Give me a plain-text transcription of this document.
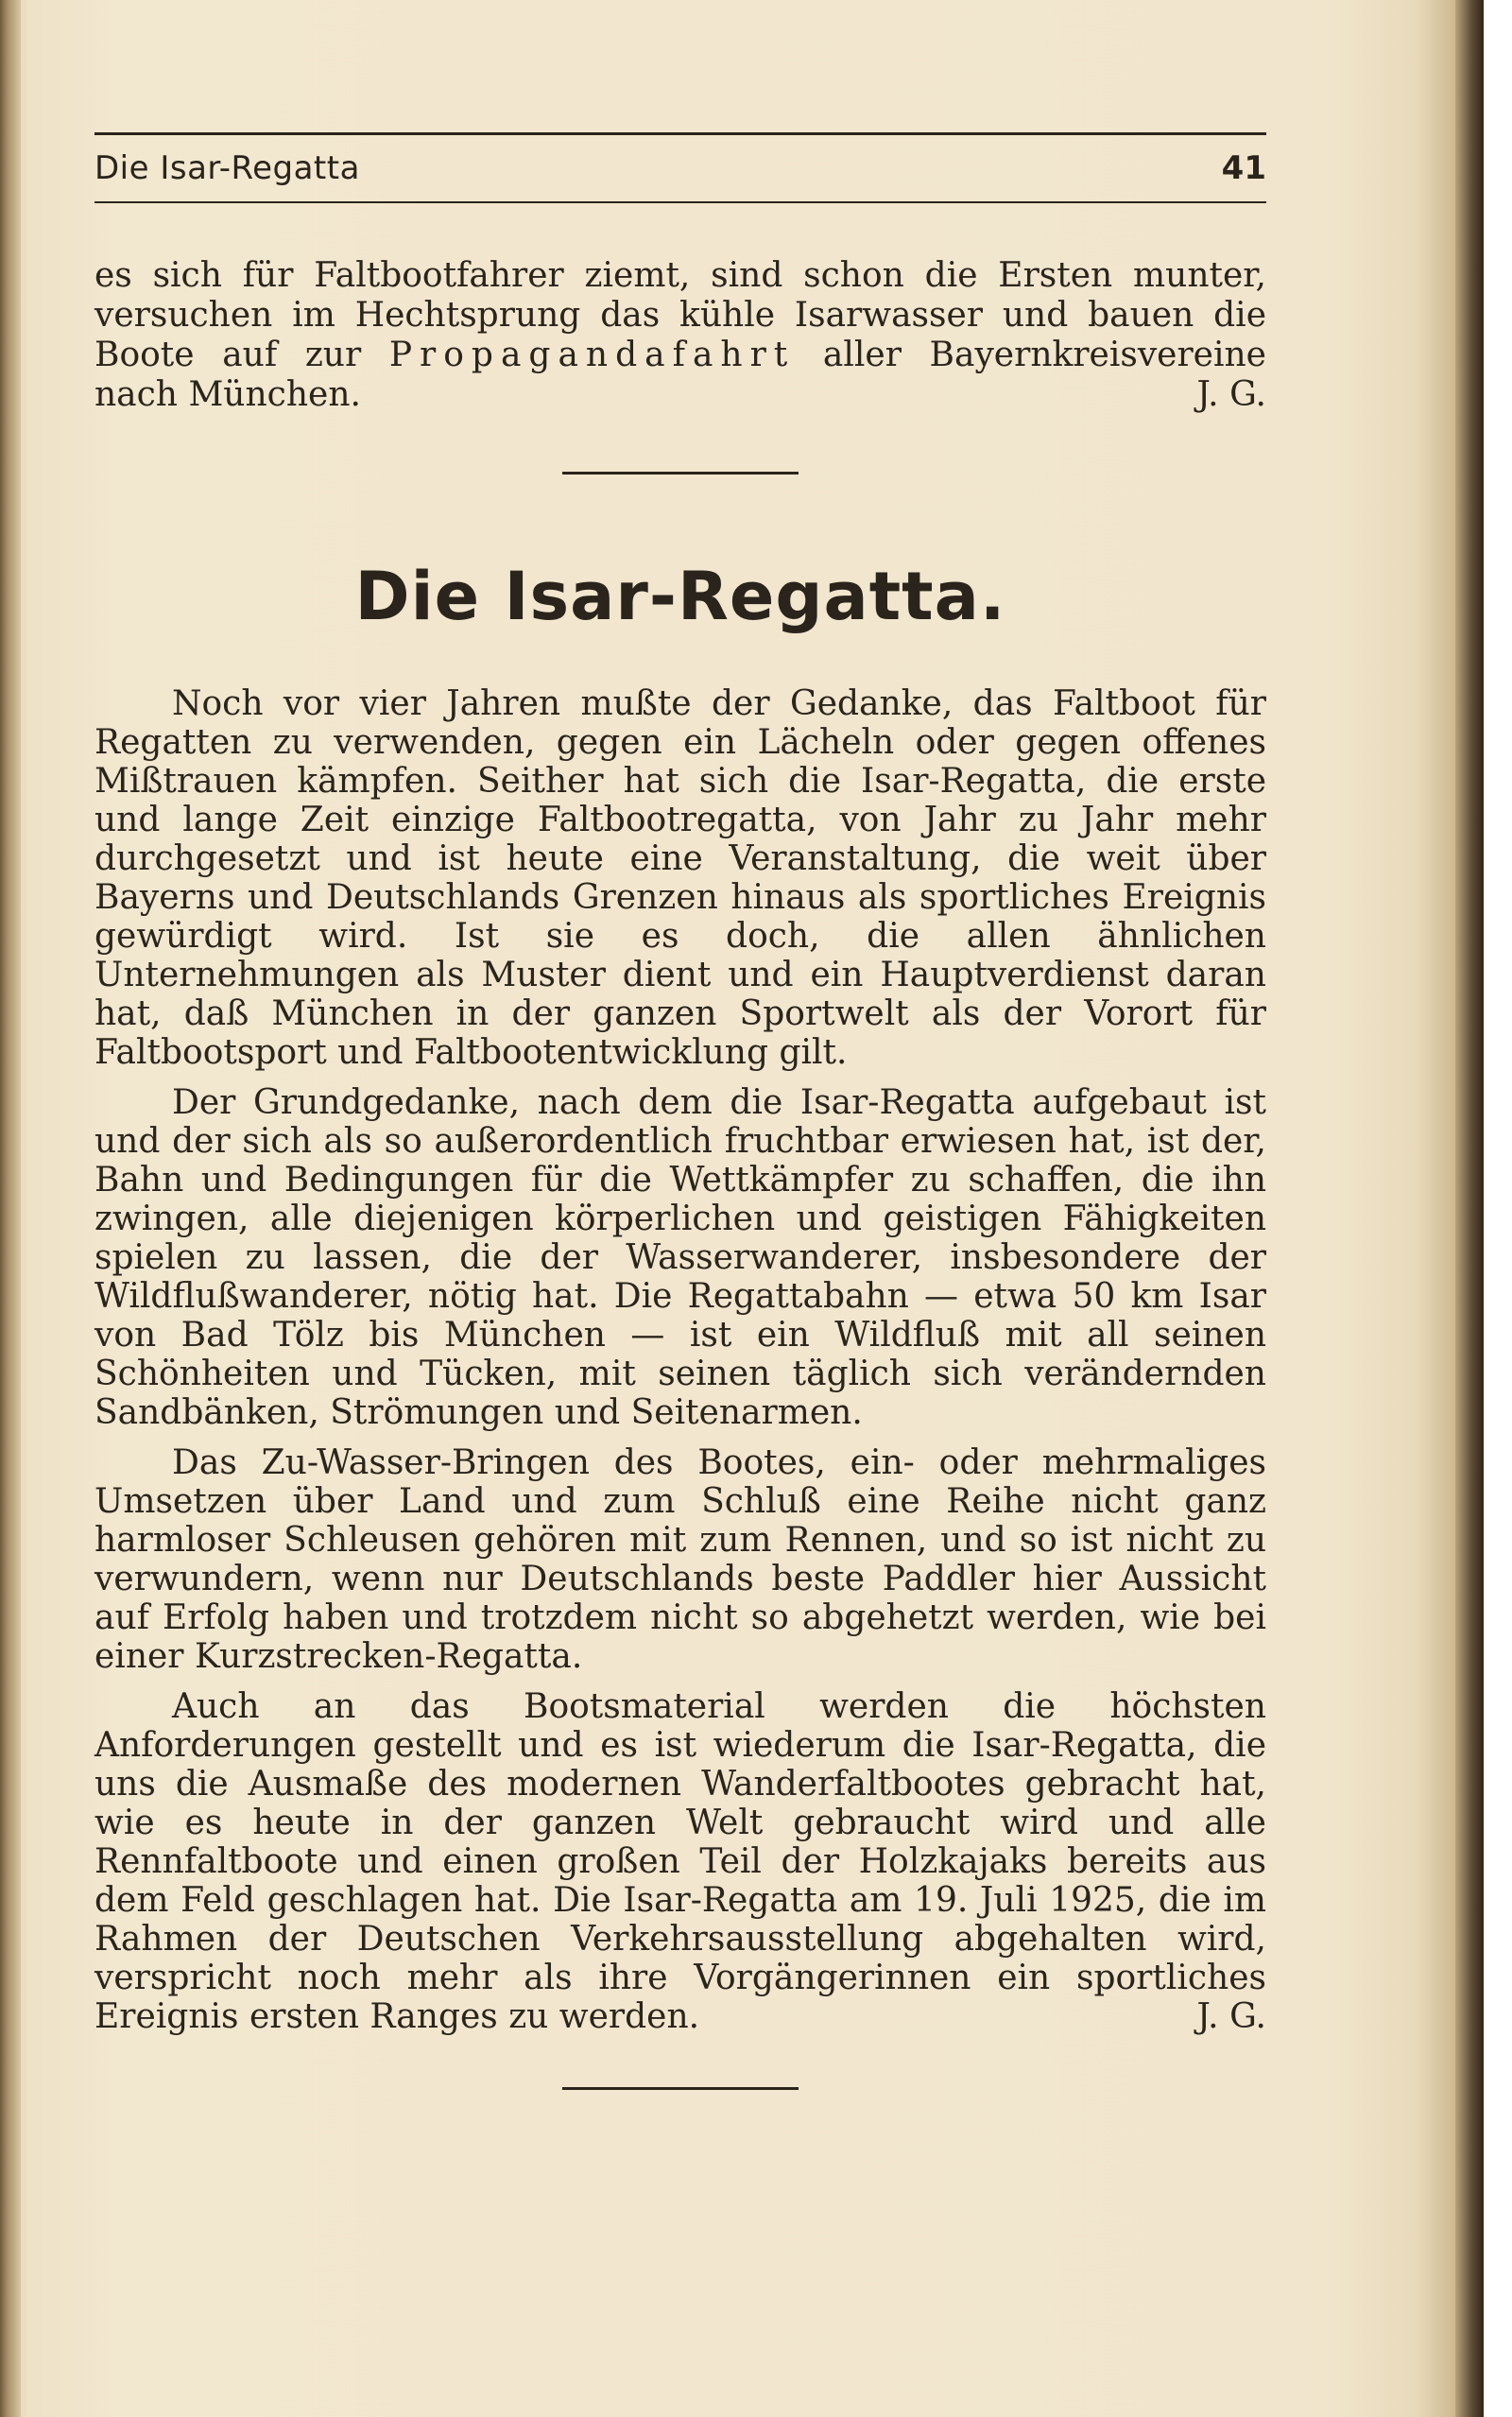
Die Isar-Regatta	41
es sich für Faltbootfahrer ziemt, sind schon die Ersten munter, versuchen im Hechtsprung das kühle Isarwasser und bauen die Boote auf zur Propagandafahrt aller Bayernkreisvereine nach München.	J. G.
Die Isar-Regatta.

Noch vor vier Jahren mußte der Gedanke, das Faltboot für Regatten zu verwenden, gegen ein Lächeln oder gegen offenes Mißtrauen kämpfen. Seither hat sich die Isar-Regatta, die erste und lange Zeit einzige Faltbootregatta, von Jahr zu Jahr mehr durchgesetzt und ist heute eine Veranstaltung, die weit über Bayerns und Deutschlands Grenzen hinaus als sportliches Ereignis gewürdigt wird. Ist sie es doch, die allen ähnlichen Unternehmungen als Muster dient und ein Hauptverdienst daran hat, daß München in der ganzen Sportwelt als der Vorort für Faltbootsport und Faltbootentwicklung gilt.

Der Grundgedanke, nach dem die Isar-Regatta aufgebaut ist und der sich als so außerordentlich fruchtbar erwiesen hat, ist der, Bahn und Bedingungen für die Wettkämpfer zu schaffen, die ihn zwingen, alle diejenigen körperlichen und geistigen Fähigkeiten spielen zu lassen, die der Wasserwanderer, insbesondere der Wildflußwanderer, nötig hat. Die Regattabahn — etwa 50 km Isar von Bad Tölz bis München — ist ein Wildfluß mit all seinen Schönheiten und Tücken, mit seinen täglich sich verändernden Sandbänken, Strömungen und Seitenarmen.

Das Zu-Wasser-Bringen des Bootes, ein- oder mehrmaliges Umsetzen über Land und zum Schluß eine Reihe nicht ganz harmloser Schleusen gehören mit zum Rennen, und so ist nicht zu verwundern, wenn nur Deutschlands beste Paddler hier Aussicht auf Erfolg haben und trotzdem nicht so abgehetzt werden, wie bei einer Kurzstrecken-Regatta.

Auch an das Bootsmaterial werden die höchsten Anforderungen gestellt und es ist wiederum die Isar-Regatta, die uns die Ausmaße des modernen Wanderfaltbootes gebracht hat, wie es heute in der ganzen Welt gebraucht wird und alle Rennfaltboote und einen großen Teil der Holzkajaks bereits aus dem Feld geschlagen hat. Die Isar-Regatta am 19. Juli 1925, die im Rahmen der Deutschen Verkehrsausstellung abgehalten wird, verspricht noch mehr als ihre Vorgängerinnen ein sportliches Ereignis ersten Ranges zu werden.	J. G.
